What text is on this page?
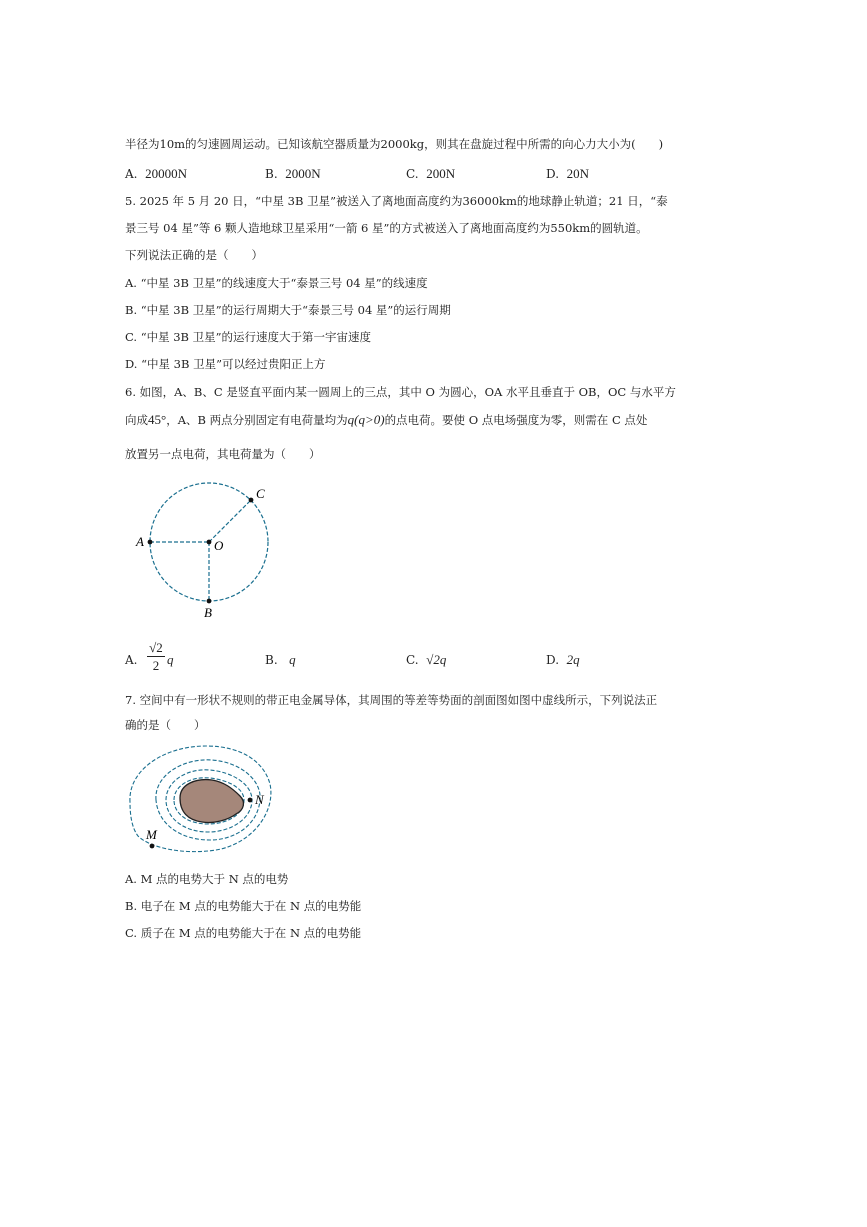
半径为10m的匀速圆周运动。已知该航空器质量为2000kg，则其在盘旋过程中所需的向心力大小为(　　)
A. 20000N	B. 2000N	C. 200N	D. 20N
5. 2025 年 5 月 20 日，“中星 3B 卫星”被送入了离地面高度约为36000km的地球静止轨道；21 日，“泰
景三号 04 星”等 6 颗人造地球卫星采用“一箭 6 星”的方式被送入了离地面高度约为550km的圆轨道。
下列说法正确的是（　　）
A. “中星 3B 卫星”的线速度大于“泰景三号 04 星”的线速度
B. “中星 3B 卫星”的运行周期大于“泰景三号 04 星”的运行周期
C. “中星 3B 卫星”的运行速度大于第一宇宙速度
D. “中星 3B 卫星”可以经过贵阳正上方
6. 如图，A、B、C 是竖直平面内某一圆周上的三点，其中 O 为圆心，OA 水平且垂直于 OB，OC 与水平方
向成45°，A、B 两点分别固定有电荷量均为q(q>0)的点电荷。要使 O 点电场强度为零，则需在 C 点处
放置另一点电荷，其电荷量为（　　）
A	O
B
C
A.
√2
2 q	B. q	C. √2q	D. 2q
7. 空间中有一形状不规则的带正电金属导体，其周围的等差等势面的剖面图如图中虚线所示，下列说法正
确的是（　　）
N
M
A. M 点的电势大于 N 点的电势
B. 电子在 M 点的电势能大于在 N 点的电势能
C. 质子在 M 点的电势能大于在 N 点的电势能
